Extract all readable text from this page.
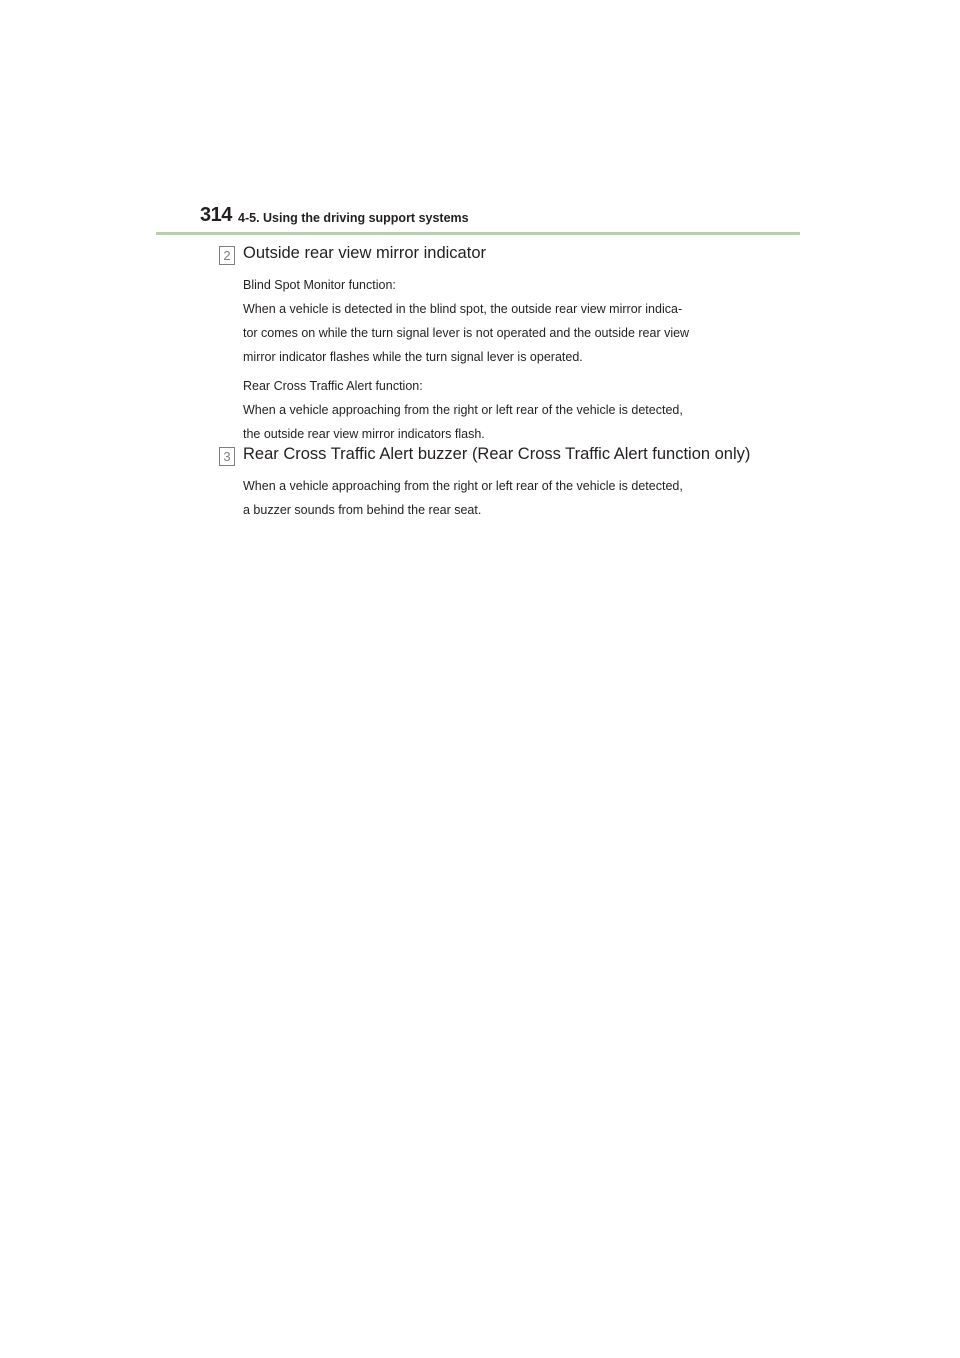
314 4-5. Using the driving support systems
2 Outside rear view mirror indicator

Blind Spot Monitor function:

When a vehicle is detected in the blind spot, the outside rear view mirror indica-

tor comes on while the turn signal lever is not operated and the outside rear view

mirror indicator flashes while the turn signal lever is operated.

Rear Cross Traffic Alert function:

When a vehicle approaching from the right or left rear of the vehicle is detected,

the outside rear view mirror indicators flash.

3 Rear Cross Traffic Alert buzzer (Rear Cross Traffic Alert function only)

When a vehicle approaching from the right or left rear of the vehicle is detected,

a buzzer sounds from behind the rear seat.
